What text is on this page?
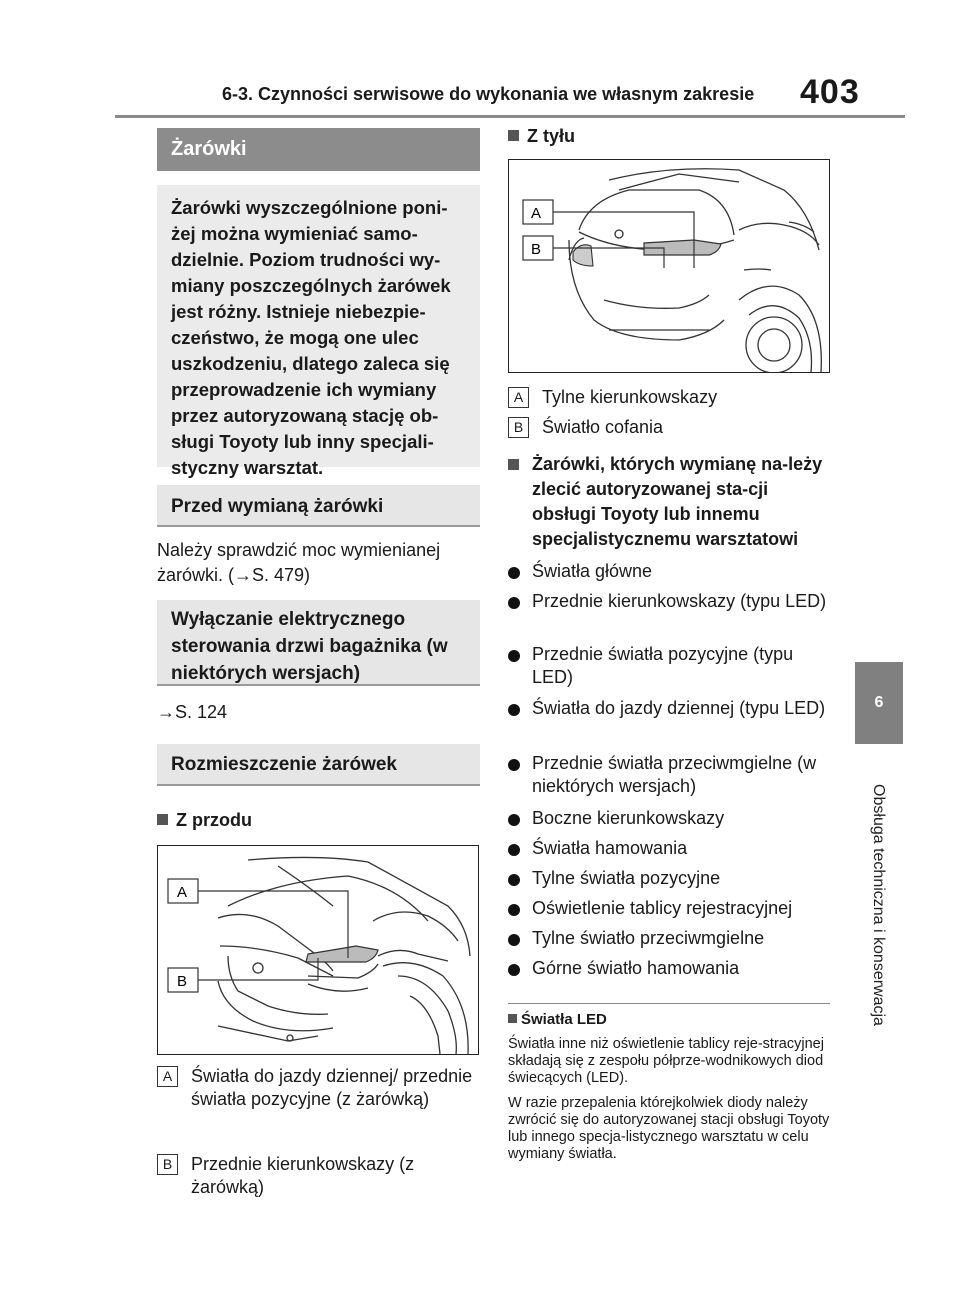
6-3. Czynności serwisowe do wykonania we własnym zakresie 403
6
Obsługa techniczna i konserwacja
Żarówki
Żarówki wyszczególnione poni-żej można wymieniać samo-dzielnie. Poziom trudności wy-miany poszczególnych żarówek jest różny. Istnieje niebezpie-czeństwo, że mogą one ulec uszkodzeniu, dlatego zaleca się przeprowadzenie ich wymiany przez autoryzowaną stację ob-sługi Toyoty lub inny specjali-styczny warsztat.
Przed wymianą żarówki
Należy sprawdzić moc wymienianej żarówki. (→S. 479)
Wyłączanie elektrycznego sterowania drzwi bagażnika (w niektórych wersjach)
→S. 124
Rozmieszczenie żarówek
Z przodu
A
B
A	Światła do jazdy dziennej/ przednie światła pozycyjne (z żarówką)
B	Przednie kierunkowskazy (z żarówką)
Z tyłu
A
B
A	Tylne kierunkowskazy
B	Światło cofania
Żarówki, których wymianę na-leży zlecić autoryzowanej sta-cji obsługi Toyoty lub innemu specjalistycznemu warsztatowi
Światła główne
Przednie kierunkowskazy (typu LED)
Przednie światła pozycyjne (typu LED)
Światła do jazdy dziennej (typu LED)
Przednie światła przeciwmgielne (w niektórych wersjach)
Boczne kierunkowskazy
Światła hamowania
Tylne światła pozycyjne
Oświetlenie tablicy rejestracyjnej
Tylne światło przeciwmgielne
Górne światło hamowania
Światła LED
Światła inne niż oświetlenie tablicy reje-stracyjnej składają się z zespołu półprze-wodnikowych diod świecących (LED).
W razie przepalenia którejkolwiek diody należy zwrócić się do autoryzowanej stacji obsługi Toyoty lub innego specja-listycznego warsztatu w celu wymiany światła.
